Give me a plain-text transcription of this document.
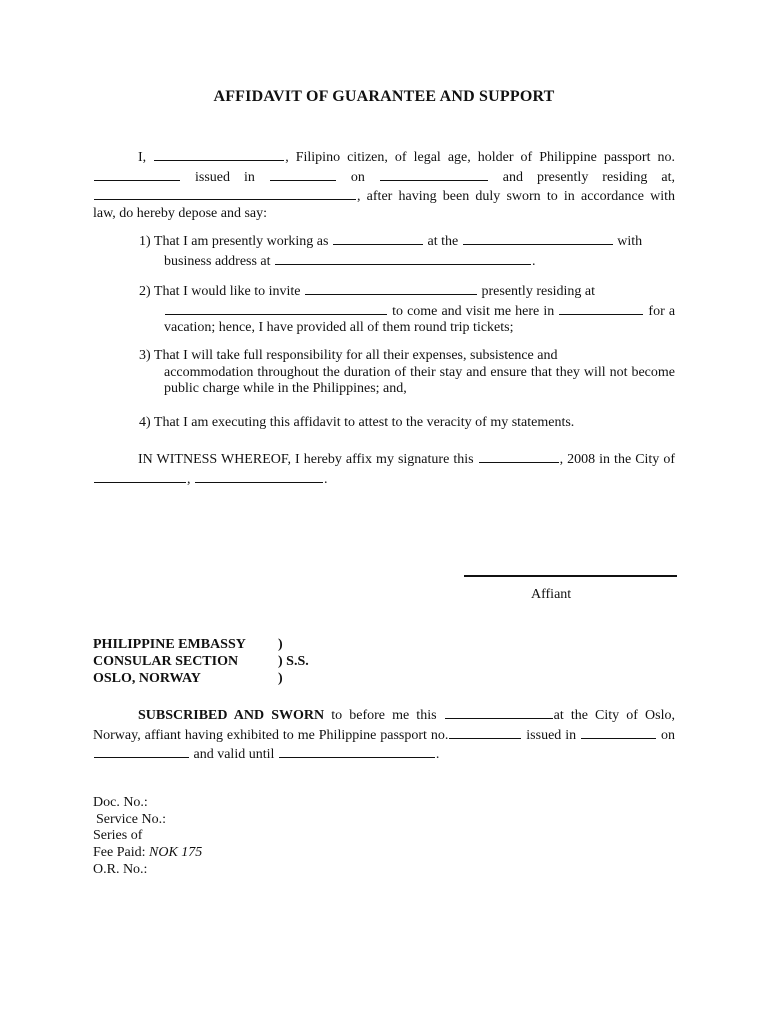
AFFIDAVIT OF GUARANTEE AND SUPPORT
I,	, Filipino citizen, of legal age, holder of Philippine passport no.  issued in	on	and presently residing at, , after having been duly sworn to in accordance with law, do hereby depose and say:
1) That I am presently working as	at the	with
business address at	.
2) That I would like to invite	presently residing at
to come and visit me here in	for a vacation; hence, I have provided all of them round trip tickets;
3) That I will take full responsibility for all their expenses, subsistence and
accommodation throughout the duration of their stay and ensure that they will not become public charge while in the Philippines; and,
4) That I am executing this affidavit to attest to the veracity of my statements.
IN WITNESS WHEREOF, I hereby affix my signature this	, 2008 in the City of ,	.
Affiant
PHILIPPINE EMBASSY )
CONSULAR SECTION	) S.S.
OSLO, NORWAY	)
SUBSCRIBED AND SWORN to before me this	at the City of Oslo, Norway, affiant having exhibited to me Philippine passport no.	issued in	on  and valid until	.
Doc. No.:
Service No.:
Series of
Fee Paid: NOK 175
O.R. No.:
